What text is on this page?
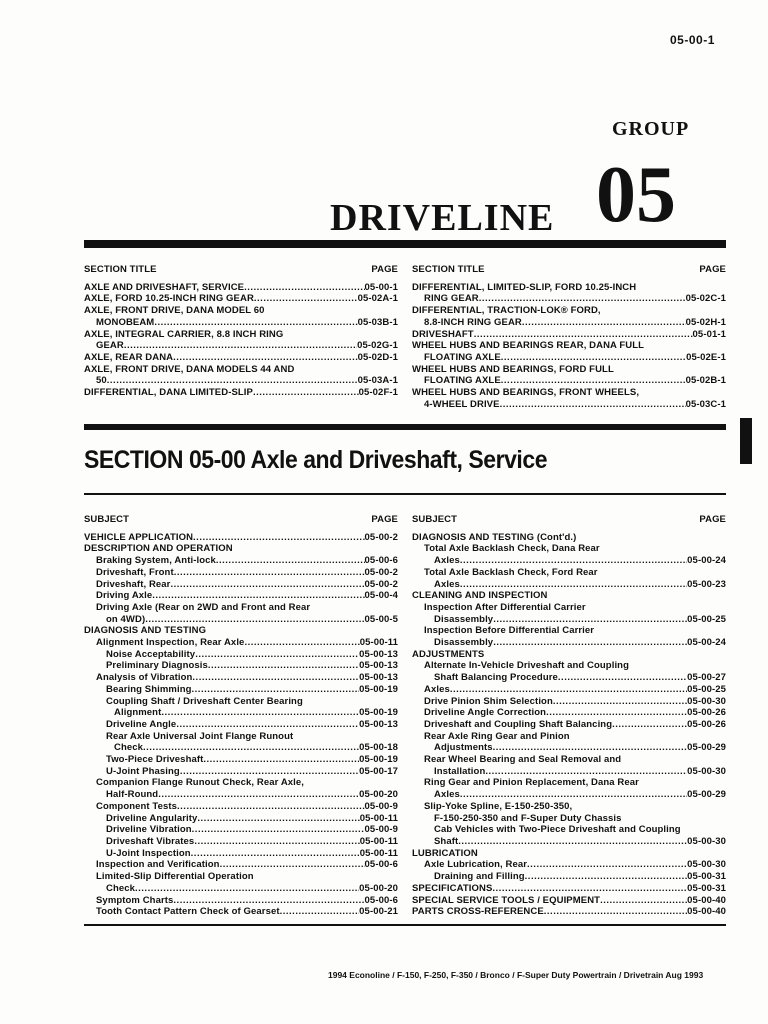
05-00-1
GROUP
DRIVELINE 05
SECTION TITLE	PAGE
AXLE AND DRIVESHAFT, SERVICE .....	05-00-1
AXLE, FORD 10.25-INCH RING GEAR .....	05-02A-1
AXLE, FRONT DRIVE, DANA MODEL 60
MONOBEAM .....	05-03B-1
AXLE, INTEGRAL CARRIER, 8.8 INCH RING
GEAR .....	05-02G-1
AXLE, REAR DANA .....	05-02D-1
AXLE, FRONT DRIVE, DANA MODELS 44 AND
50 .....	05-03A-1
DIFFERENTIAL, DANA LIMITED-SLIP .....	05-02F-1
SECTION TITLE	PAGE
DIFFERENTIAL, LIMITED-SLIP, FORD 10.25-INCH
RING GEAR .....	05-02C-1
DIFFERENTIAL, TRACTION-LOK® FORD,
8.8-INCH RING GEAR .....	05-02H-1
DRIVESHAFT .....	05-01-1
WHEEL HUBS AND BEARINGS REAR, DANA FULL
FLOATING AXLE .....	05-02E-1
WHEEL HUBS AND BEARINGS, FORD FULL
FLOATING AXLE .....	05-02B-1
WHEEL HUBS AND BEARINGS, FRONT WHEELS,
4-WHEEL DRIVE .....	05-03C-1
SECTION 05-00 Axle and Driveshaft, Service
SUBJECT	PAGE
VEHICLE APPLICATION .....	05-00-2
DESCRIPTION AND OPERATION
Braking System, Anti-lock .....	05-00-6
Driveshaft, Front .....	05-00-2
Driveshaft, Rear .....	05-00-2
Driving Axle .....	05-00-4
Driving Axle (Rear on 2WD and Front and Rear
on 4WD) .....	05-00-5
DIAGNOSIS AND TESTING
Alignment Inspection, Rear Axle .....	05-00-11
Noise Acceptability .....	05-00-13
Preliminary Diagnosis .....	05-00-13
Analysis of Vibration .....	05-00-13
Bearing Shimming .....	05-00-19
Coupling Shaft / Driveshaft Center Bearing
Alignment .....	05-00-19
Driveline Angle .....	05-00-13
Rear Axle Universal Joint Flange Runout
Check .....	05-00-18
Two-Piece Driveshaft .....	05-00-19
U-Joint Phasing .....	05-00-17
Companion Flange Runout Check, Rear Axle,
Half-Round .....	05-00-20
Component Tests .....	05-00-9
Driveline Angularity .....	05-00-11
Driveline Vibration .....	05-00-9
Driveshaft Vibrates .....	05-00-11
U-Joint Inspection .....	05-00-11
Inspection and Verification .....	05-00-6
Limited-Slip Differential Operation
Check .....	05-00-20
Symptom Charts .....	05-00-6
Tooth Contact Pattern Check of Gearset .....	05-00-21
SUBJECT	PAGE
DIAGNOSIS AND TESTING (Cont'd.)
Total Axle Backlash Check, Dana Rear
Axles .....	05-00-24
Total Axle Backlash Check, Ford Rear
Axles .....	05-00-23
CLEANING AND INSPECTION
Inspection After Differential Carrier
Disassembly .....	05-00-25
Inspection Before Differential Carrier
Disassembly .....	05-00-24
ADJUSTMENTS
Alternate In-Vehicle Driveshaft and Coupling
Shaft Balancing Procedure .....	05-00-27
Axles .....	05-00-25
Drive Pinion Shim Selection .....	05-00-30
Driveline Angle Correction .....	05-00-26
Driveshaft and Coupling Shaft Balancing .....	05-00-26
Rear Axle Ring Gear and Pinion
Adjustments .....	05-00-29
Rear Wheel Bearing and Seal Removal and
Installation .....	05-00-30
Ring Gear and Pinion Replacement, Dana Rear
Axles .....	05-00-29
Slip-Yoke Spline, E-150-250-350,
F-150-250-350 and F-Super Duty Chassis
Cab Vehicles with Two-Piece Driveshaft and Coupling
Shaft .....	05-00-30
LUBRICATION
Axle Lubrication, Rear .....	05-00-30
Draining and Filling .....	05-00-31
SPECIFICATIONS .....	05-00-31
SPECIAL SERVICE TOOLS / EQUIPMENT .....	05-00-40
PARTS CROSS-REFERENCE .....	05-00-40
1994 Econoline / F-150, F-250, F-350 / Bronco / F-Super Duty Powertrain / Drivetrain Aug 1993
